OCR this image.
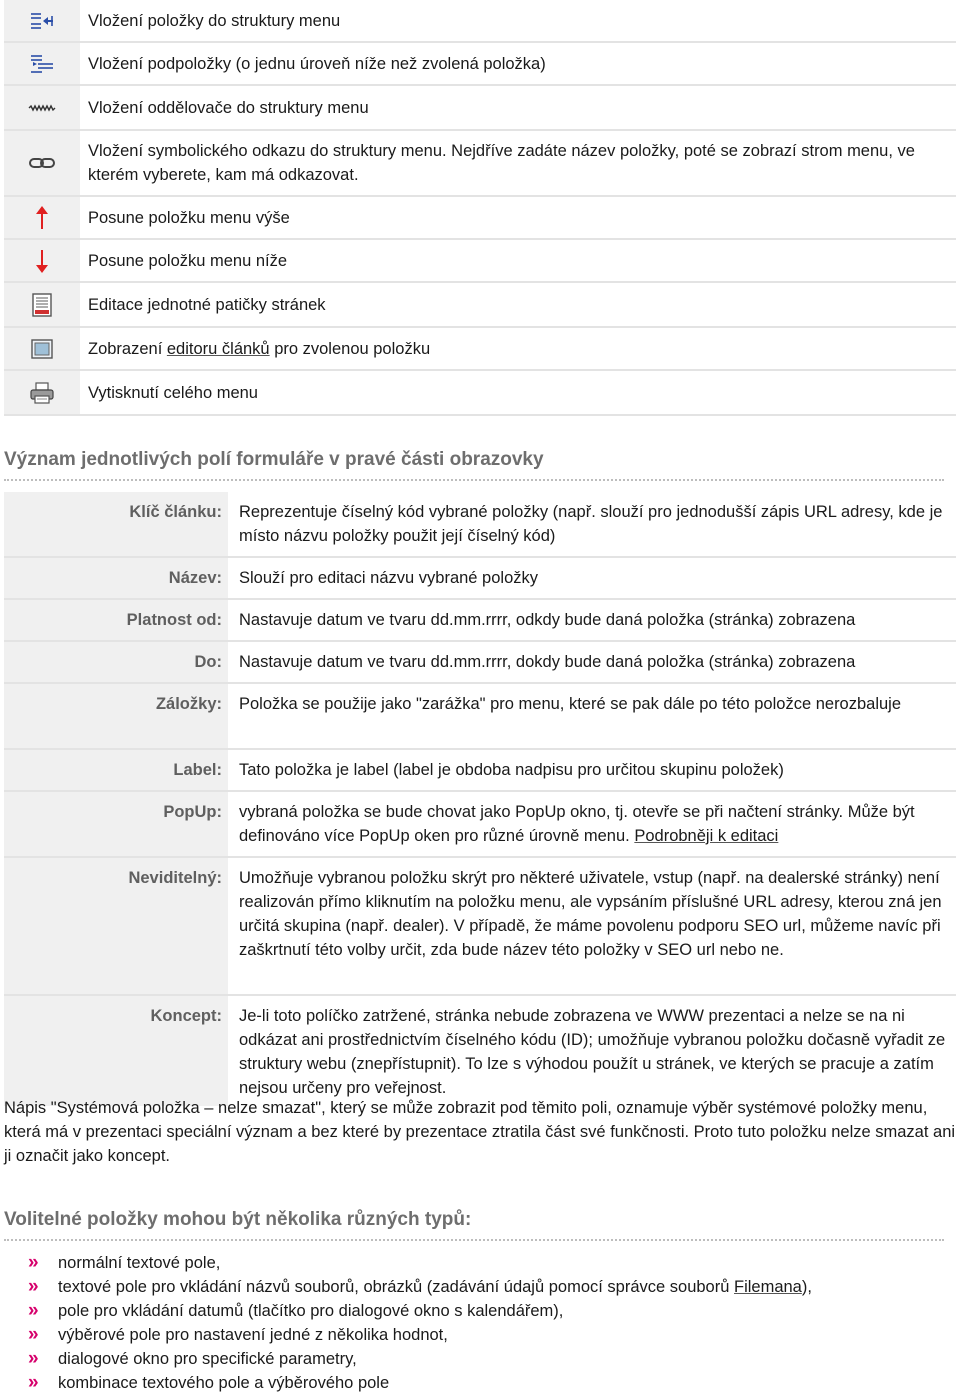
Vložení položky do struktury menu
Vložení podpoložky (o jednu úroveň níže než zvolená položka)
Vložení oddělovače do struktury menu
Vložení symbolického odkazu do struktury menu. Nejdříve zadáte název položky, poté se zobrazí strom menu, ve kterém vyberete, kam má odkazovat.
Posune položku menu výše
Posune položku menu níže
Editace jednotné patičky stránek
Zobrazení editoru článků pro zvolenou položku
Vytisknutí celého menu
Význam jednotlivých polí formuláře v pravé části obrazovky
Klíč článku:	Reprezentuje číselný kód vybrané položky (např. slouží pro jednodušší zápis URL adresy, kde je místo názvu položky použit její číselný kód)
Název:	Slouží pro editaci názvu vybrané položky
Platnost od:	Nastavuje datum ve tvaru dd.mm.rrrr, odkdy bude daná položka (stránka) zobrazena
Do:	Nastavuje datum ve tvaru dd.mm.rrrr, dokdy bude daná položka (stránka) zobrazena
Záložky:	Položka se použije jako "zarážka" pro menu, které se pak dále po této položce nerozbaluje
Label:	Tato položka je label (label je obdoba nadpisu pro určitou skupinu položek)
PopUp:	vybraná položka se bude chovat jako PopUp okno, tj. otevře se při načtení stránky. Může být definováno více PopUp oken pro různé úrovně menu. Podrobněji k editaci
Neviditelný:	Umožňuje vybranou položku skrýt pro některé uživatele, vstup (např. na dealerské stránky) není realizován přímo kliknutím na položku menu, ale vypsáním příslušné URL adresy, kterou zná jen určitá skupina (např. dealer). V případě, že máme povolenu podporu SEO url, můžeme navíc při zaškrtnutí této volby určit, zda bude název této položky v SEO url nebo ne.
Koncept:	Je-li toto políčko zatržené, stránka nebude zobrazena ve WWW prezentaci a nelze se na ni odkázat ani prostřednictvím číselného kódu (ID); umožňuje vybranou položku dočasně vyřadit ze struktury webu (znepřístupnit). To lze s výhodou použít u stránek, ve kterých se pracuje a zatím nejsou určeny pro veřejnost.
Nápis "Systémová položka – nelze smazat", který se může zobrazit pod těmito poli, oznamuje výběr systémové položky menu, která má v prezentaci speciální význam a bez které by prezentace ztratila část své funkčnosti. Proto tuto položku nelze smazat ani ji označit jako koncept.
Volitelné položky mohou být několika různých typů:
» normální textové pole,
» textové pole pro vkládání názvů souborů, obrázků (zadávání údajů pomocí správce souborů Filemana),
» pole pro vkládání datumů (tlačítko pro dialogové okno s kalendářem),
» výběrové pole pro nastavení jedné z několika hodnot,
» dialogové okno pro specifické parametry,
» kombinace textového pole a výběrového pole
